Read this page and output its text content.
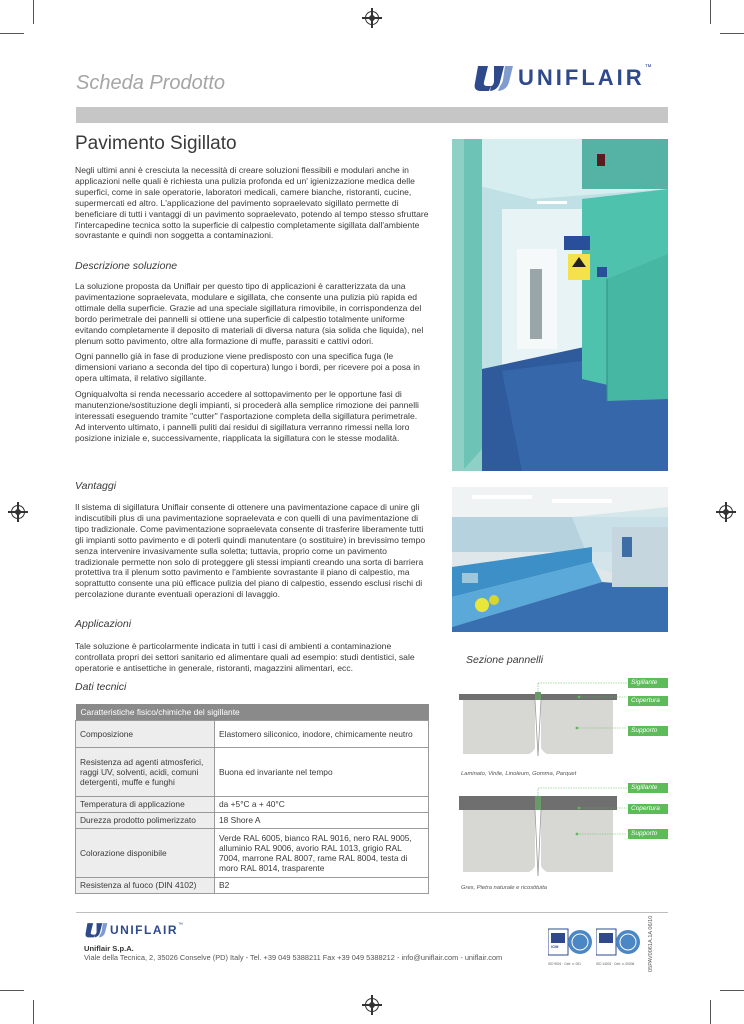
Scheda Prodotto	UNIFLAIR ™
Pavimento Sigillato

Negli ultimi anni è cresciuta la necessità di creare soluzioni flessibili e modulari anche in applicazioni nelle quali è richiesta una pulizia profonda ed un' igienizzazione medica delle superfici, come in sale operatorie, laboratori medicali, camere bianche, ristoranti, cucine, supermercati ed altro. L'applicazione del pavimento sopraelevato sigillato permette di beneficiare di tutti i vantaggi di un pavimento sopraelevato, potendo al tempo stesso sfruttare l'intercapedine tecnica sotto la superficie di calpestio completamente sigillata dall'ambiente sovrastante e quindi non soggetta a contaminazioni.

Descrizione soluzione

La soluzione proposta da Uniflair per questo tipo di applicazioni è caratterizzata da una pavimentazione sopraelevata, modulare e sigillata, che consente una pulizia più rapida ed ottimale della superficie. Grazie ad una speciale sigillatura rimovibile, in corrispondenza del bordo perimetrale dei pannelli si ottiene una superficie di calpestio totalmente uniforme evitando completamente il deposito di materiali di diversa natura (sia solida che liquida), nel plenum sotto pavimento, oltre alla formazione di muffe, parassiti e cattivi odori.

Ogni pannello già in fase di produzione viene predisposto con una specifica fuga (le dimensioni variano a seconda del tipo di copertura) lungo i bordi, per ricevere poi a posa in opera ultimata, il relativo sigillante.

Ogniqualvolta si renda necessario accedere al sottopavimento per le opportune fasi di manutenzione/sostituzione degli impianti, si procederà alla semplice rimozione dei pannelli interessati eseguendo tramite "cutter" l'asportazione completa della sigillatura perimetrale. Ad intervento ultimato, i pannelli puliti dai residui di sigillatura verranno rimessi nella loro posizione iniziale e, successivamente, riapplicata la sigillatura con le stesse modalità.

Vantaggi

Il sistema di sigillatura Uniflair consente di ottenere una pavimentazione capace di unire gli indiscutibili plus di una pavimentazione sopraelevata e con quelli di una pavimentazione di tipo tradizionale. Come pavimentazione sopraelevata consente di trasferire liberamente tutti gli impianti sotto pavimento e di poterli quindi manutentare (o sostituire) in brevissimo tempo senza intervenire invasivamente sulla soletta; tuttavia, proprio come un pavimento tradizionale permette non solo di proteggere gli stessi impianti creando una sorta di barriera protettiva tra il plenum sotto pavimento e l'ambiente sovrastante il piano di calpestio, ma soprattutto consente una più efficace pulizia del piano di calpestio, essendo esclusi rischi di percolazione durante eventuali operazioni di lavaggio.

Applicazioni

Tale soluzione è particolarmente indicata in tutti i casi di ambienti a contaminazione controllata propri dei settori sanitario ed alimentare quali ad esempio: studi dentistici, sale operatorie e antisettiche in generale, ristoranti, magazzini alimentari, ecc.

Dati tecnici
Caratteristiche fisico/chimiche del sigillante	
Composizione	Elastomero siliconico, inodore, chimicamente neutro
Resistenza ad agenti atmosferici, raggi UV, solventi, acidi, comuni detergenti, muffe e funghi	Buona ed invariante nel tempo
Temperatura di applicazione	da +5°C a + 40°C
Durezza prodotto polimerizzato	18 Shore A
Colorazione disponibile	Verde RAL 6005, bianco RAL 9016, nero RAL 9005, alluminio RAL 9006, avorio RAL 1013, grigio RAL 7004, marrone RAL 8007, rame RAL 8004, testa di moro RAL 8014, trasparente
Resistenza al fuoco (DIN 4102)	B2
Sezione pannelli
Sigillante
Copertura
Supporto
Laminato, Vinile, Linoleum, Gomma, Parquet
Sigillante
Copertura
Supporto
Gres, Pietra naturale e ricostituita
UNIFLAIR ™
Uniflair S.p.A.
Viale della Tecnica, 2, 35026 Conselve (PD) Italy - Tel. +39 049 5388211 Fax +39 049 5388212 - info@uniflair.com - uniflair.com
ISO 9001 · Cert. n. 001	ISO 14001 · Cert. n. 00006
ICIM	05PAV0061A.1A 06/10
